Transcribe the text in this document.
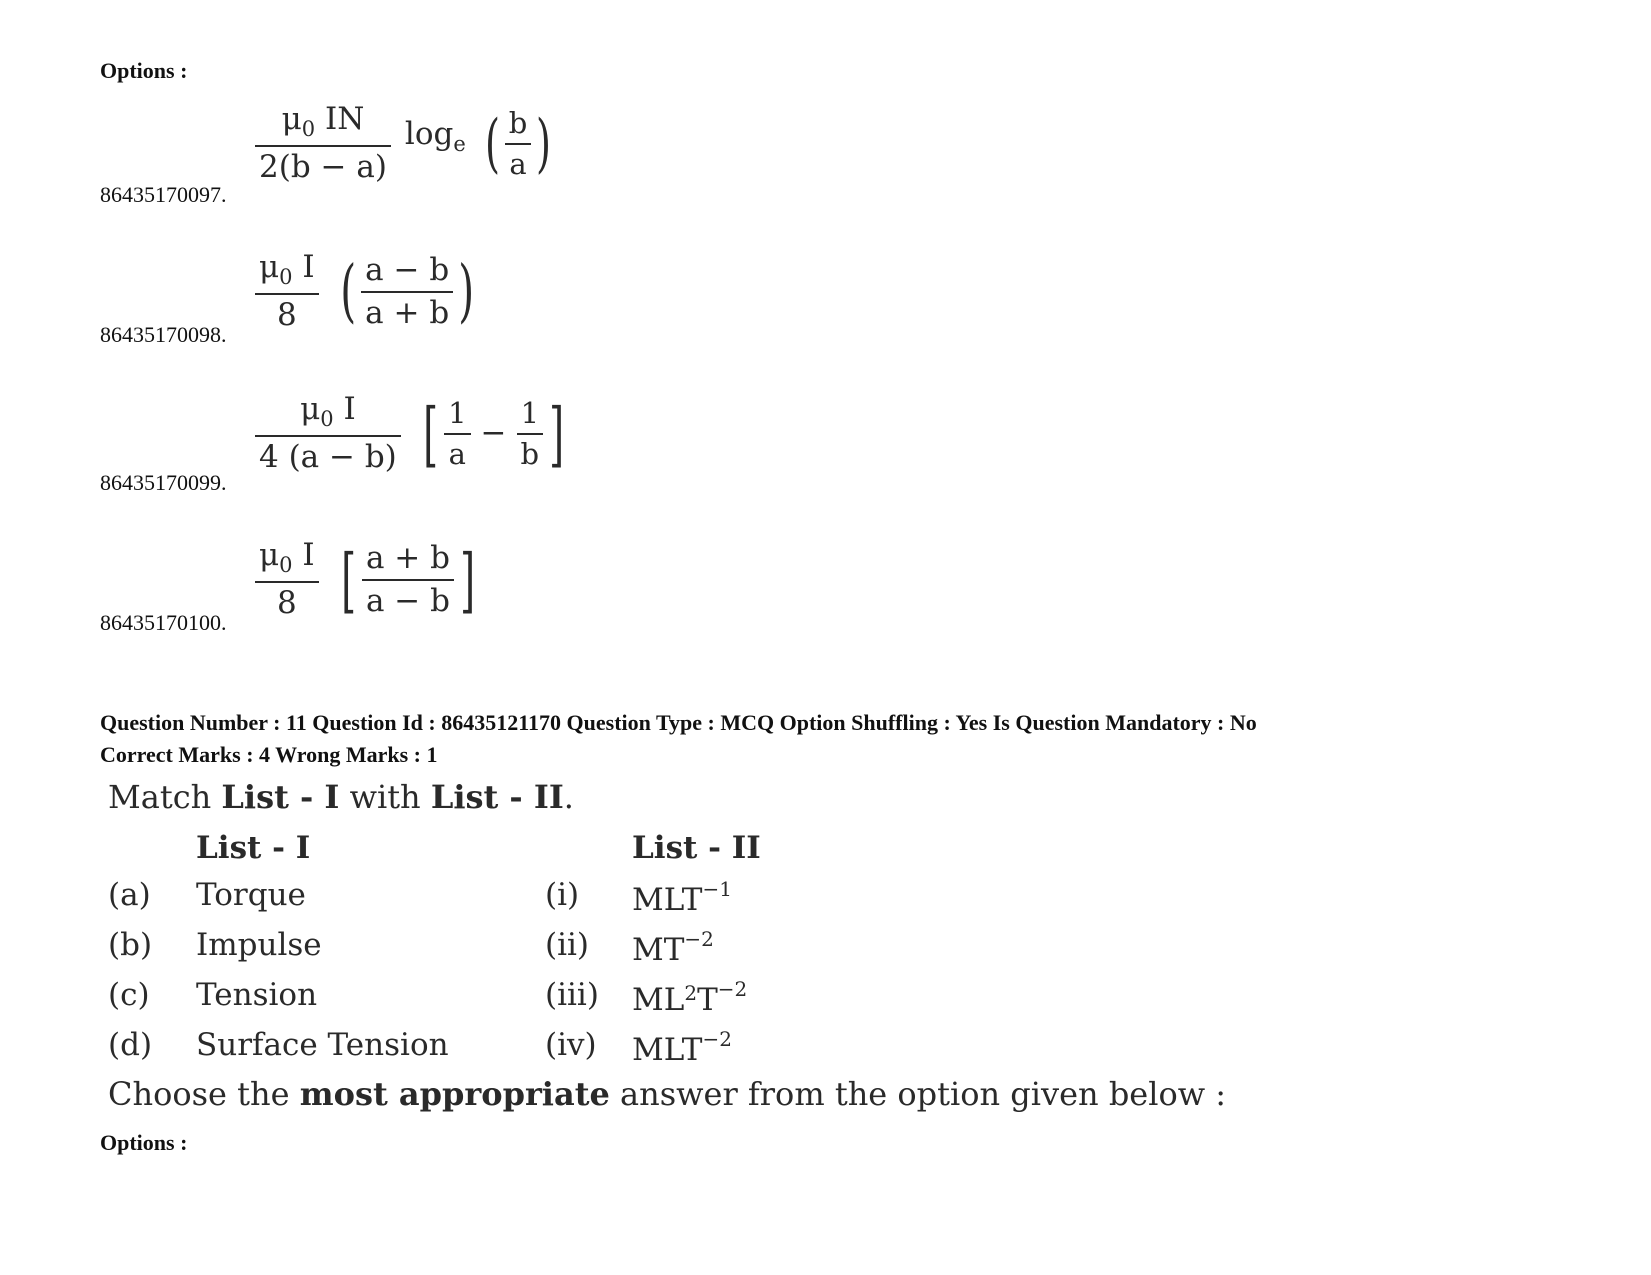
Options :
86435170097.
$\frac{\mu_0 IN}{2(b - a)} \log_e$ ( $\frac{b}{a}$ )
86435170098.
$\frac{\mu_0 I}{8}$ ( $\frac{a - b}{a + b}$ )
86435170099.
$\frac{\mu_0 I}{4 (a - b)}$ [ $\frac{1}{a} - \frac{1}{b}$ ]
86435170100.
$\frac{\mu_0 I}{8}$ [ $\frac{a + b}{a - b}$ ]
Question Number : 11 Question Id : 86435121170 Question Type : MCQ Option Shuffling : Yes Is Question Mandatory : No
Correct Marks : 4 Wrong Marks : 1
Match List - I with List - II.
List - I	List - II
(a) Torque	(i) $MLT^{-1}$
(b) Impulse	(ii) $MT^{-2}$
(c) Tension	(iii) $ML^2T^{-2}$
(d) Surface Tension	(iv) $MLT^{-2}$
Choose the most appropriate answer from the option given below :
Options :
